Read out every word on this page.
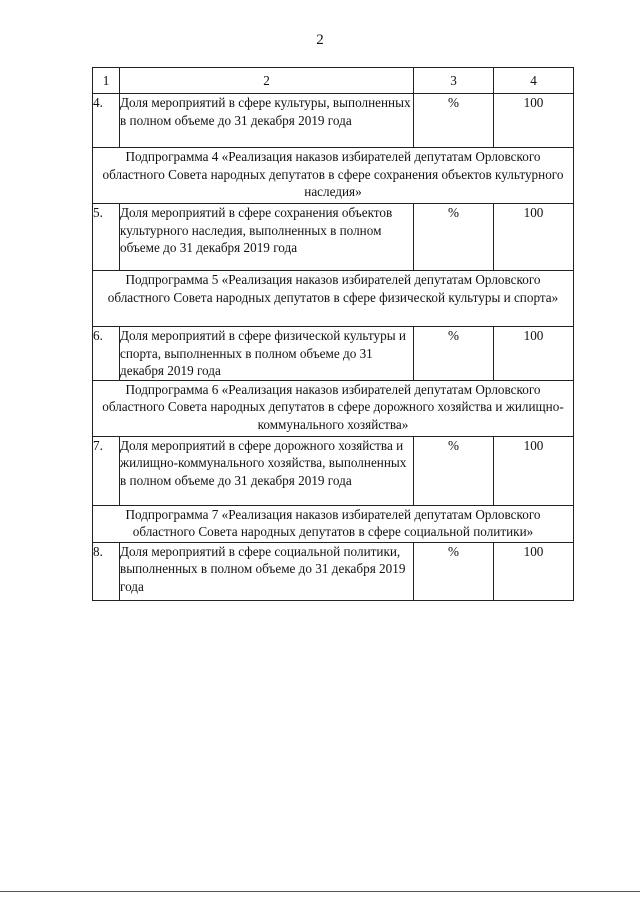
2
1	2	3	4
4.	Доля мероприятий в сфере культуры, выполненных в полном объеме до 31 декабря 2019 года	%	100
Подпрограмма 4 «Реализация наказов избирателей депутатам Орловского областного Совета народных депутатов в сфере сохранения объектов культурного наследия»			
5.	Доля мероприятий в сфере сохранения объектов культурного наследия, выполненных в полном объеме до 31 декабря 2019 года	%	100
Подпрограмма 5 «Реализация наказов избирателей депутатам Орловского областного Совета народных депутатов в сфере физической культуры и спорта»			
6.	Доля мероприятий в сфере физической культуры и спорта, выполненных в полном объеме до 31 декабря 2019 года	%	100
Подпрограмма 6 «Реализация наказов избирателей депутатам Орловского областного Совета народных депутатов в сфере дорожного хозяйства и жилищно-коммунального хозяйства»			
7.	Доля мероприятий в сфере дорожного хозяйства и жилищно-коммунального хозяйства, выполненных в полном объеме до 31 декабря 2019 года	%	100
Подпрограмма 7 «Реализация наказов избирателей депутатам Орловского областного Совета народных депутатов в сфере социальной политики»			
8.	Доля мероприятий в сфере социальной политики, выполненных в полном объеме до 31 декабря 2019 года	%	100
